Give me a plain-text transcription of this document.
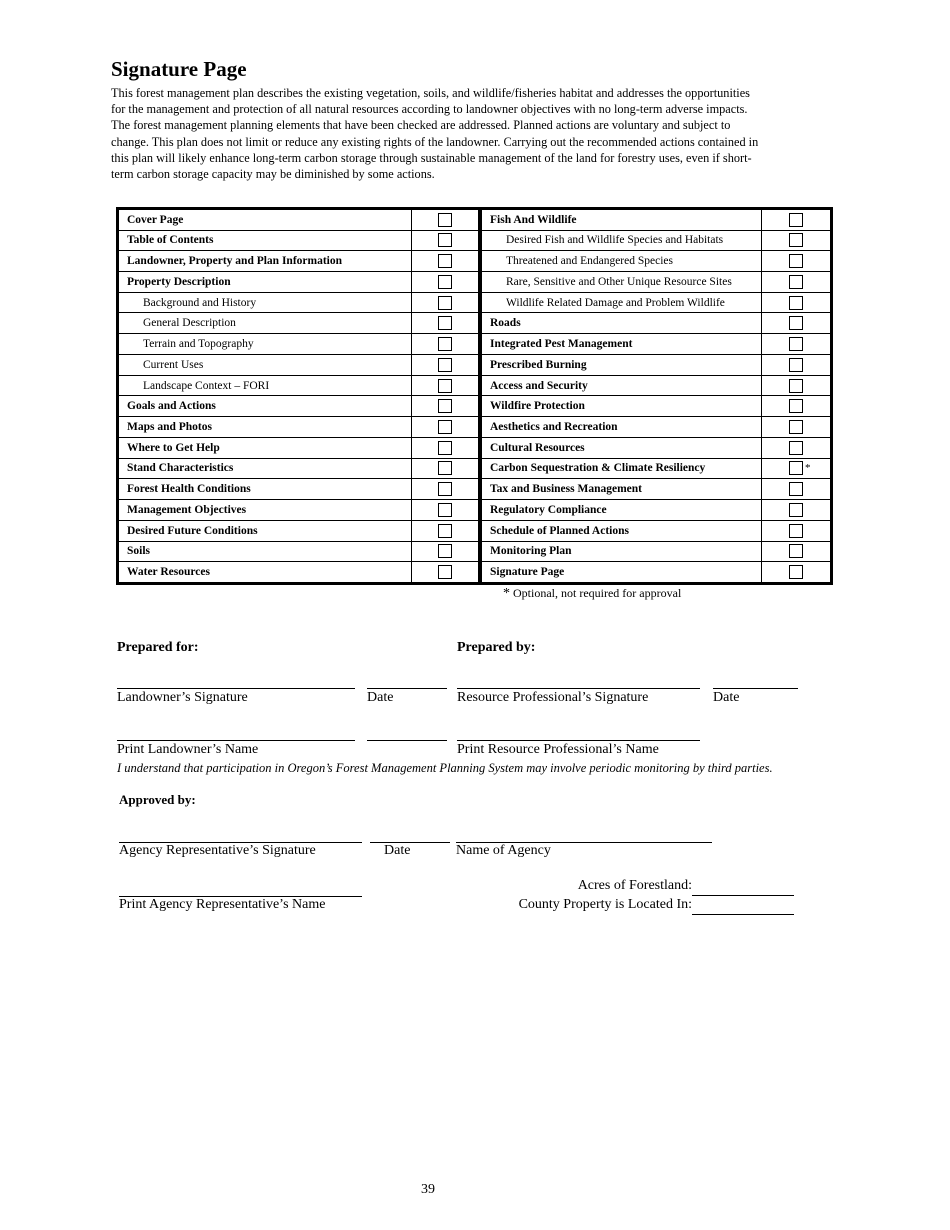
Signature Page
This forest management plan describes the existing vegetation, soils, and wildlife/fisheries habitat and addresses the opportunities for the management and protection of all natural resources according to landowner objectives with no long-term adverse impacts. The forest management planning elements that have been checked are addressed. Planned actions are voluntary and subject to change. This plan does not limit or reduce any existing rights of the landowner. Carrying out the recommended actions contained in this plan will likely enhance long-term carbon storage through sustainable management of the land for forestry uses, even if short-term carbon storage capacity may be diminished by some actions.
Cover Page	
Table of Contents	
Landowner, Property and Plan Information	
Property Description	
Background and History	
General Description	
Terrain and Topography	
Current Uses	
Landscape Context – FORI	
Goals and Actions	
Maps and Photos	
Where to Get Help	
Stand Characteristics	
Forest Health Conditions	
Management Objectives	
Desired Future Conditions	
Soils	
Water Resources	
Fish And Wildlife	
Desired Fish and Wildlife Species and Habitats	
Threatened and Endangered Species	
Rare, Sensitive and Other Unique Resource Sites	
Wildlife Related Damage and Problem Wildlife	
Roads	
Integrated Pest Management	
Prescribed Burning	
Access and Security	
Wildfire Protection	
Aesthetics and Recreation	
Cultural Resources	
Carbon Sequestration & Climate Resiliency	*

Tax and Business Management	
Regulatory Compliance	
Schedule of Planned Actions	
Monitoring Plan	
Signature Page	
* Optional, not required for approval
Prepared for:	Prepared by:
Landowner’s Signature	Date	Resource Professional’s Signature	Date
Print Landowner’s Name	Print Resource Professional’s Name
I understand that participation in Oregon’s Forest Management Planning System may involve periodic monitoring by third parties.
Approved by:
Agency Representative’s Signature	Date	Name of Agency
Print Agency Representative’s Name
Acres of Forestland:
County Property is Located In:
39
